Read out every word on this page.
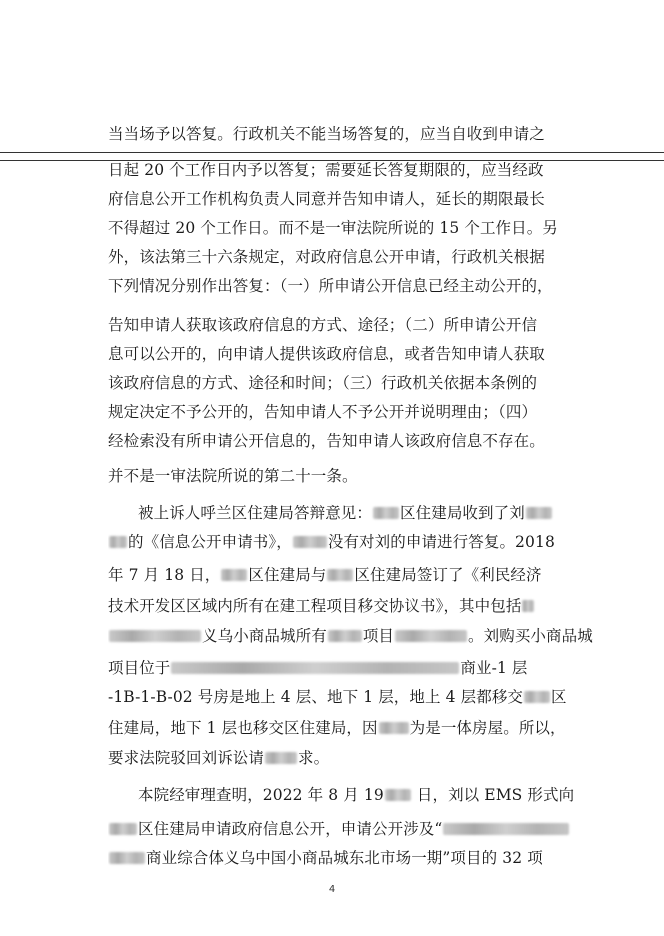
当当场予以答复。行政机关不能当场答复的，应当自收到申请之
日起 20 个工作日内予以答复；需要延长答复期限的，应当经政
府信息公开工作机构负责人同意并告知申请人，延长的期限最长
不得超过 20 个工作日。而不是一审法院所说的 15 个工作日。另
外，该法第三十六条规定，对政府信息公开申请，行政机关根据
下列情况分别作出答复：（一）所申请公开信息已经主动公开的，
告知申请人获取该政府信息的方式、途径；（二）所申请公开信
息可以公开的，向申请人提供该政府信息，或者告知申请人获取
该政府信息的方式、途径和时间；（三）行政机关依据本条例的
规定决定不予公开的，告知申请人不予公开并说明理由；（四）
经检索没有所申请公开信息的，告知申请人该政府信息不存在。
并不是一审法院所说的第二十一条。
被上诉人呼兰区住建局答辩意见： 区住建局收到了刘
的《信息公开申请书》， 没有对刘的申请进行答复。2018
年 7 月 18 日， 区住建局与 区住建局签订了《利民经济
技术开发区区域内所有在建工程项目移交协议书》，其中包括
义乌小商品城所有 项目	。刘购买小商品城
项目位于	商业-1 层
-1B-1-B-02 号房是地上 4 层、地下 1 层，地上 4 层都移交 区
住建局，地下 1 层也移交区住建局，因 为是一体房屋。所以，
要求法院驳回刘诉讼请 求。
本院经审理查明，2022 年 8 月 19 日，刘以 EMS 形式向
区住建局申请政府信息公开，申请公开涉及“
商业综合体义乌中国小商品城东北市场一期”项目的 32 项
4
